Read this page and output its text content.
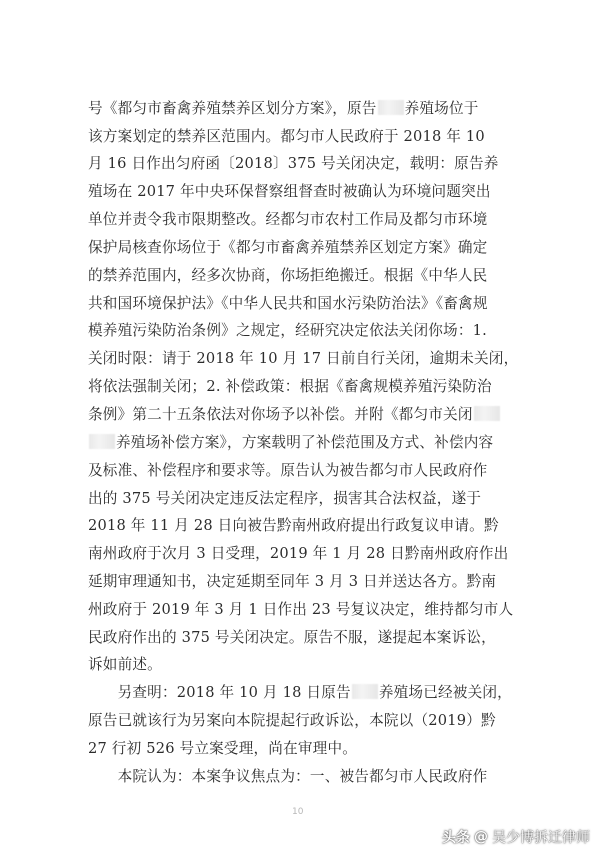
号《都匀市畜禽养殖禁养区划分方案》，原告 养殖场位于
该方案划定的禁养区范围内。都匀市人民政府于 2018 年 10
月 16 日作出匀府函〔2018〕375 号关闭决定，载明：原告养
殖场在 2017 年中央环保督察组督查时被确认为环境问题突出
单位并责令我市限期整改。经都匀市农村工作局及都匀市环境
保护局核查你场位于《都匀市畜禽养殖禁养区划定方案》确定
的禁养范围内，经多次协商，你场拒绝搬迁。根据《中华人民
共和国环境保护法》《中华人民共和国水污染防治法》《畜禽规
模养殖污染防治条例》之规定，经研究决定依法关闭你场：1.
关闭时限：请于 2018 年 10 月 17 日前自行关闭，逾期未关闭，
将依法强制关闭；2. 补偿政策：根据《畜禽规模养殖污染防治
条例》第二十五条依法对你场予以补偿。并附《都匀市关闭
养殖场补偿方案》，方案载明了补偿范围及方式、补偿内容
及标准、补偿程序和要求等。原告认为被告都匀市人民政府作
出的 375 号关闭决定违反法定程序，损害其合法权益，遂于
2018 年 11 月 28 日向被告黔南州政府提出行政复议申请。黔
南州政府于次月 3 日受理，2019 年 1 月 28 日黔南州政府作出
延期审理通知书，决定延期至同年 3 月 3 日并送达各方。黔南
州政府于 2019 年 3 月 1 日作出 23 号复议决定，维持都匀市人
民政府作出的 375 号关闭决定。原告不服，遂提起本案诉讼，
诉如前述。
　　另查明：2018 年 10 月 18 日原告 养殖场已经被关闭，
原告已就该行为另案向本院提起行政诉讼，本院以（2019）黔
27 行初 526 号立案受理，尚在审理中。
　　本院认为：本案争议焦点为：一、被告都匀市人民政府作
10
头条 @ 吴少博拆迁律师
